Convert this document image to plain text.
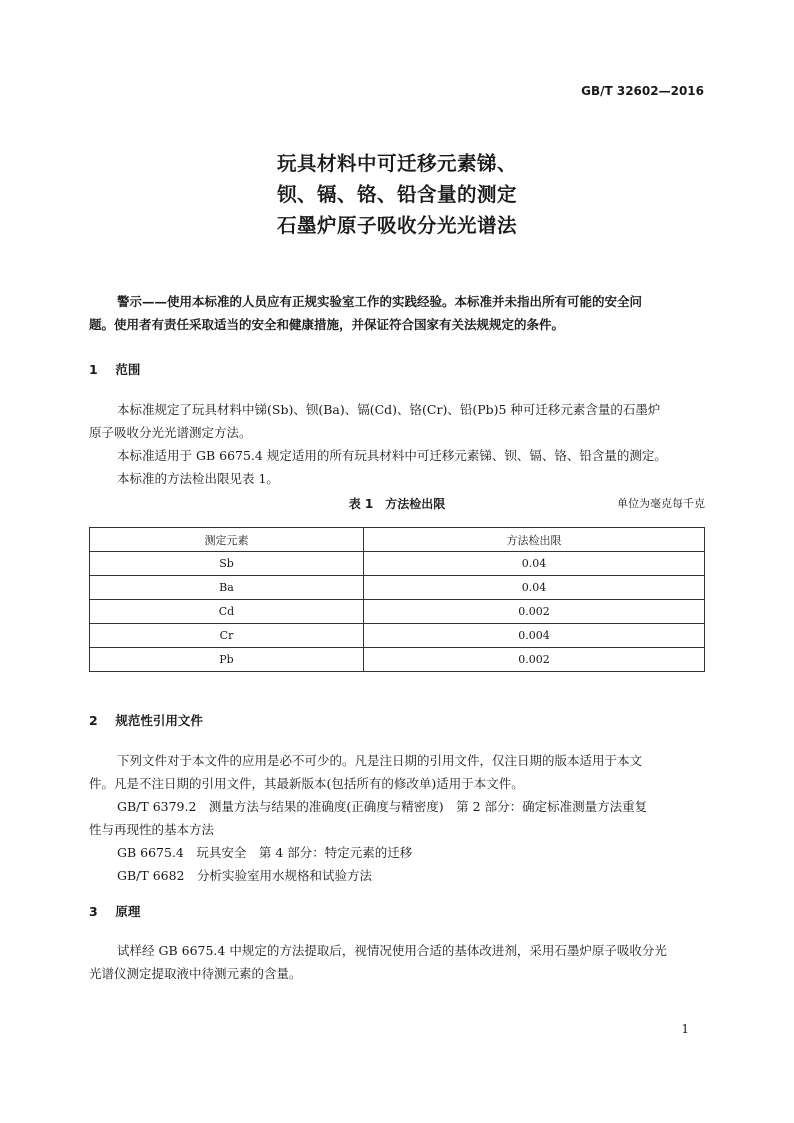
GB/T 32602—2016
玩具材料中可迁移元素锑、
钡、镉、铬、铅含量的测定
石墨炉原子吸收分光光谱法
警示——使用本标准的人员应有正规实验室工作的实践经验。本标准并未指出所有可能的安全问
题。使用者有责任采取适当的安全和健康措施，并保证符合国家有关法规规定的条件。
1 范围
本标准规定了玩具材料中锑(Sb)、钡(Ba)、镉(Cd)、铬(Cr)、铅(Pb)5 种可迁移元素含量的石墨炉
原子吸收分光光谱测定方法。
本标准适用于 GB 6675.4 规定适用的所有玩具材料中可迁移元素锑、钡、镉、铬、铅含量的测定。
本标准的方法检出限见表 1。
表 1　方法检出限	单位为毫克每千克
测定元素	方法检出限
Sb	0.04
Ba	0.04
Cd	0.002
Cr	0.004
Pb	0.002
2 规范性引用文件
下列文件对于本文件的应用是必不可少的。凡是注日期的引用文件，仅注日期的版本适用于本文
件。凡是不注日期的引用文件，其最新版本(包括所有的修改单)适用于本文件。
GB/T 6379.2　测量方法与结果的准确度(正确度与精密度)　第 2 部分：确定标准测量方法重复
性与再现性的基本方法
GB 6675.4　玩具安全　第 4 部分：特定元素的迁移
GB/T 6682　分析实验室用水规格和试验方法
3 原理
试样经 GB 6675.4 中规定的方法提取后，视情况使用合适的基体改进剂，采用石墨炉原子吸收分光
光谱仪测定提取液中待测元素的含量。
1
